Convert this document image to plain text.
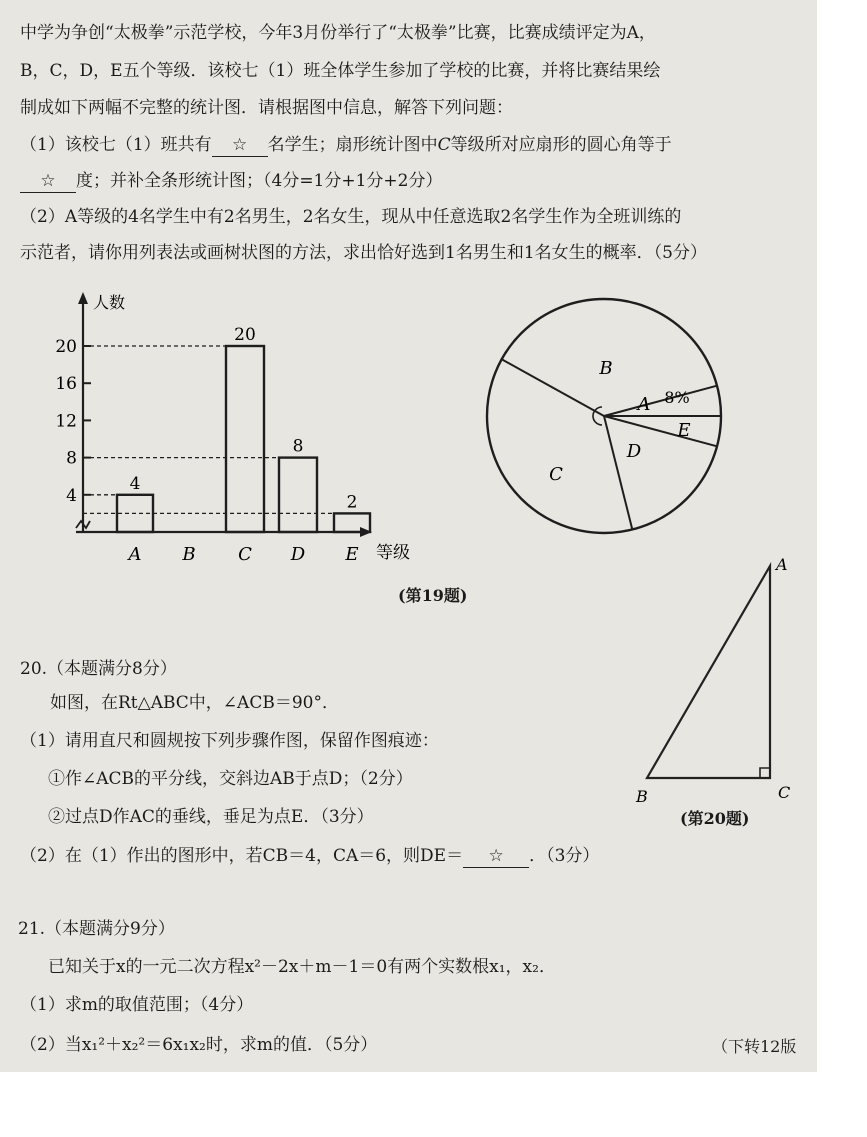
中学为争创“太极拳”示范学校，今年3月份举行了“太极拳”比赛，比赛成绩评定为A，
B，C，D，E五个等级．该校七（1）班全体学生参加了学校的比赛，并将比赛结果绘
制成如下两幅不完整的统计图．请根据图中信息，解答下列问题：
（1）该校七（1）班共有 ☆ 名学生；扇形统计图中C等级所对应扇形的圆心角等于
☆ 度；并补全条形统计图；（4分=1分+1分+2分）
（2）A等级的4名学生中有2名男生，2名女生，现从中任意选取2名学生作为全班训练的
示范者，请你用列表法或画树状图的方法，求出恰好选到1名男生和1名女生的概率．（5分）
人数
等级
4
8
12
16
20
A
4
B C
20
D
8
E
2
B
A
E
D
C
8%
(第19题)
20.（本题满分8分）
如图，在Rt△ABC中，∠ACB＝90°．
（1）请用直尺和圆规按下列步骤作图，保留作图痕迹：
①作∠ACB的平分线，交斜边AB于点D；（2分）
②过点D作AC的垂线，垂足为点E．（3分）
（2）在（1）作出的图形中，若CB＝4，CA＝6，则DE＝ ☆ ．（3分）
A
B	C
(第20题)
21.（本题满分9分）
已知关于x的一元二次方程x²－2x＋m－1＝0有两个实数根x₁，x₂．
（1）求m的取值范围；（4分）
（2）当x₁²＋x₂²＝6x₁x₂时，求m的值．（5分）	（下转12版
